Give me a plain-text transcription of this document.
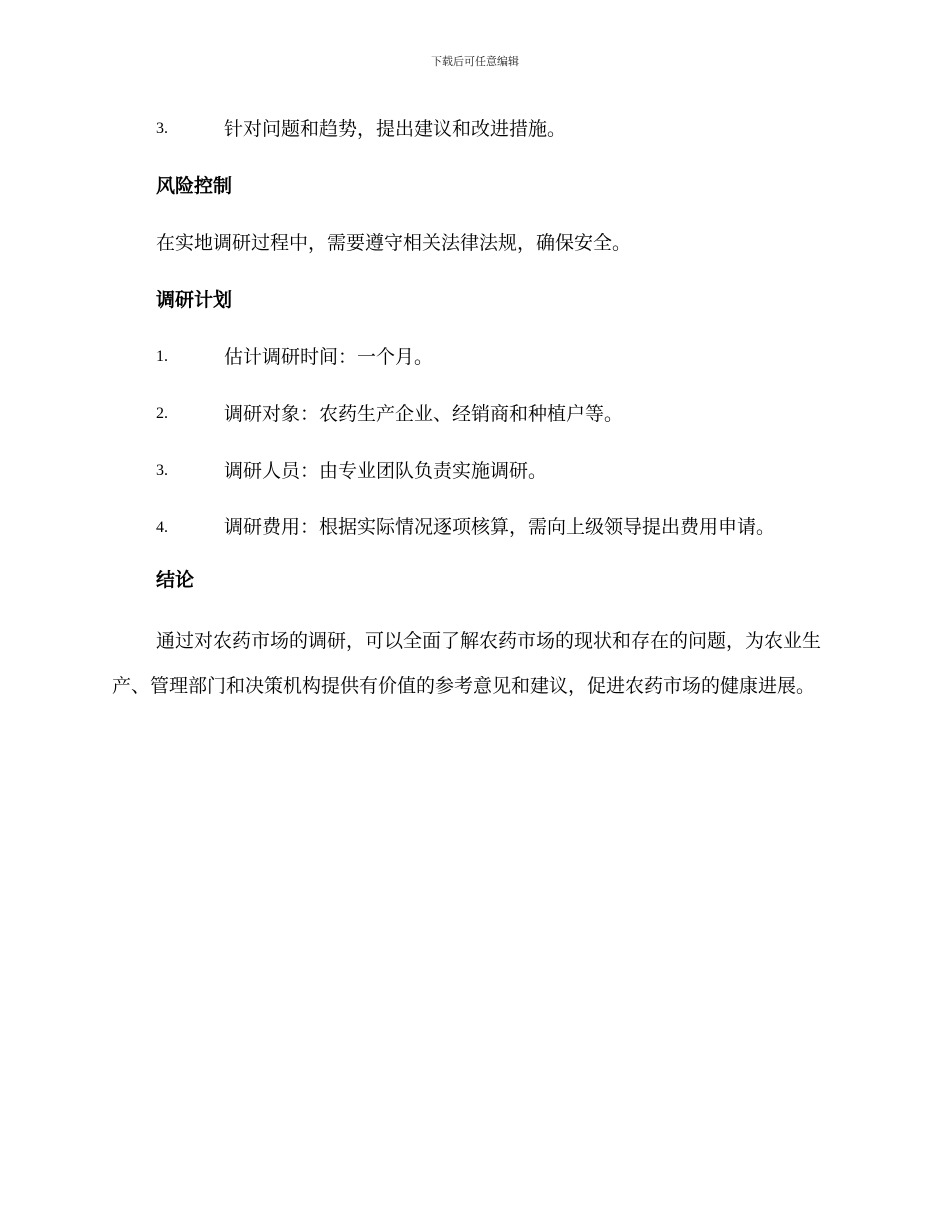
下载后可任意编辑
3.	针对问题和趋势，提出建议和改进措施。
风险控制
在实地调研过程中，需要遵守相关法律法规，确保安全。
调研计划
1.	估计调研时间：一个月。
2.	调研对象：农药生产企业、经销商和种植户等。
3.	调研人员：由专业团队负责实施调研。
4.	调研费用：根据实际情况逐项核算，需向上级领导提出费用申请。
结论
通过对农药市场的调研，可以全面了解农药市场的现状和存在的问题，为农业生产、管理部门和决策机构提供有价值的参考意见和建议，促进农药市场的健康进展。
